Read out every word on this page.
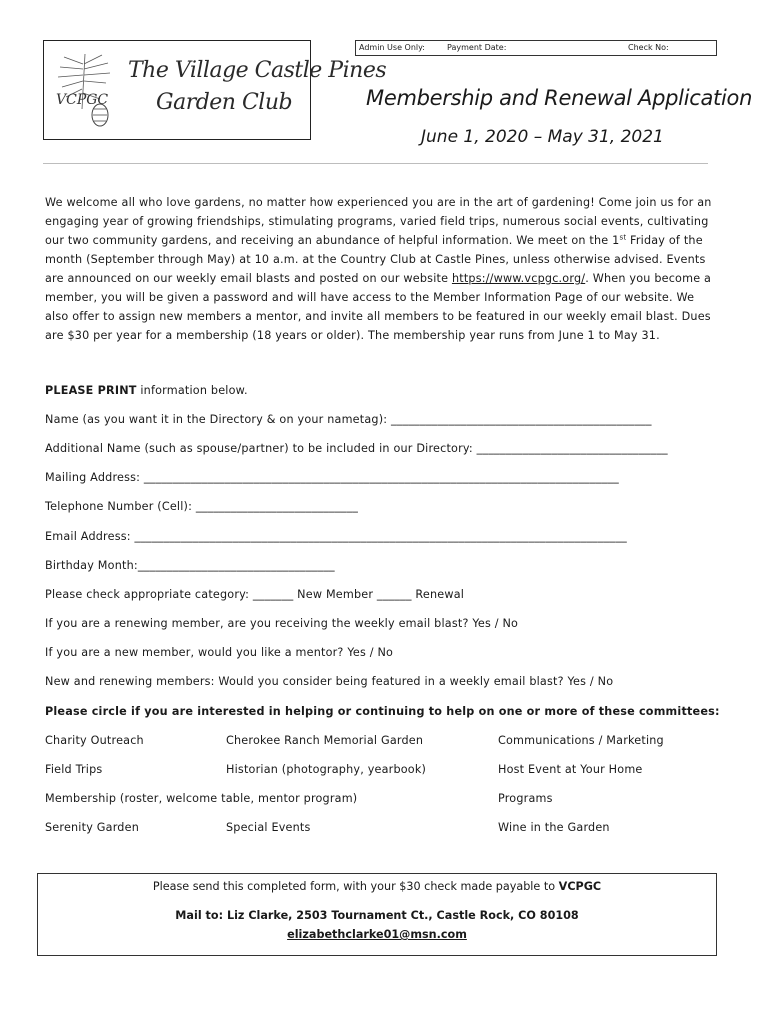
VCPGC
The Village Castle Pines
Garden Club
Admin Use Only:	Payment Date:	Check No:
Membership and Renewal Application
June 1, 2020 – May 31, 2021
We welcome all who love gardens, no matter how experienced you are in the art of gardening! Come join us for an engaging year of growing friendships, stimulating programs, varied field trips, numerous social events, cultivating our two community gardens, and receiving an abundance of helpful information. We meet on the 1st Friday of the month (September through May) at 10 a.m. at the Country Club at Castle Pines, unless otherwise advised. Events are announced on our weekly email blasts and posted on our website https://www.vcpgc.org/. When you become a member, you will be given a password and will have access to the Member Information Page of our website. We also offer to assign new members a mentor, and invite all members to be featured in our weekly email blast. Dues are $30 per year for a membership (18 years or older). The membership year runs from June 1 to May 31.
PLEASE PRINT information below.
Name (as you want it in the Directory & on your nametag): _____________________________________________
Additional Name (such as spouse/partner) to be included in our Directory: _________________________________
Mailing Address: __________________________________________________________________________________
Telephone Number (Cell): ____________________________
Email Address: _____________________________________________________________________________________
Birthday Month:__________________________________
Please check appropriate category: _______ New Member ______ Renewal
If you are a renewing member, are you receiving the weekly email blast? Yes / No
If you are a new member, would you like a mentor? Yes / No
New and renewing members: Would you consider being featured in a weekly email blast? Yes / No
Please circle if you are interested in helping or continuing to help on one or more of these committees:
Charity Outreach	Cherokee Ranch Memorial Garden	Communications / Marketing
Field Trips	Historian (photography, yearbook)	Host Event at Your Home
Membership (roster, welcome table, mentor program)	Programs
Serenity Garden	Special Events	Wine in the Garden
Please send this completed form, with your $30 check made payable to VCPGC
Mail to: Liz Clarke, 2503 Tournament Ct., Castle Rock, CO 80108
elizabethclarke01@msn.com
